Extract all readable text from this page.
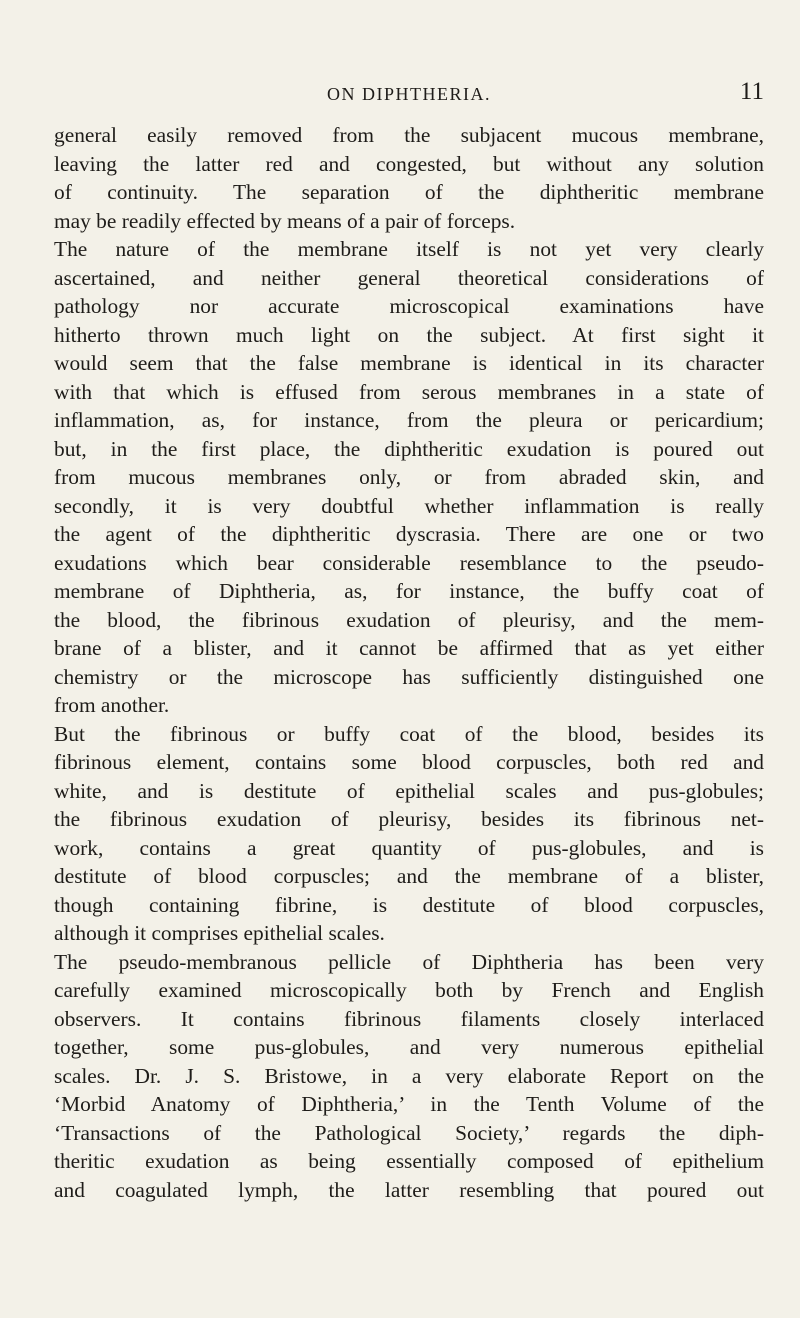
ON DIPHTHERIA.	11
general easily removed from the subjacent mucous membrane,
leaving the latter red and congested, but without any solution
of continuity. The separation of the diphtheritic membrane
may be readily effected by means of a pair of forceps.
The nature of the membrane itself is not yet very clearly
ascertained, and neither general theoretical considerations of
pathology nor accurate microscopical examinations have
hitherto thrown much light on the subject. At first sight it
would seem that the false membrane is identical in its character
with that which is effused from serous membranes in a state of
inflammation, as, for instance, from the pleura or pericardium;
but, in the first place, the diphtheritic exudation is poured out
from mucous membranes only, or from abraded skin, and
secondly, it is very doubtful whether inflammation is really
the agent of the diphtheritic dyscrasia. There are one or two
exudations which bear considerable resemblance to the pseudo-
membrane of Diphtheria, as, for instance, the buffy coat of
the blood, the fibrinous exudation of pleurisy, and the mem-
brane of a blister, and it cannot be affirmed that as yet either
chemistry or the microscope has sufficiently distinguished one
from another.
But the fibrinous or buffy coat of the blood, besides its
fibrinous element, contains some blood corpuscles, both red and
white, and is destitute of epithelial scales and pus-globules;
the fibrinous exudation of pleurisy, besides its fibrinous net-
work, contains a great quantity of pus-globules, and is
destitute of blood corpuscles; and the membrane of a blister,
though containing fibrine, is destitute of blood corpuscles,
although it comprises epithelial scales.
The pseudo-membranous pellicle of Diphtheria has been very
carefully examined microscopically both by French and English
observers. It contains fibrinous filaments closely interlaced
together, some pus-globules, and very numerous epithelial
scales. Dr. J. S. Bristowe, in a very elaborate Report on the
‘Morbid Anatomy of Diphtheria,’ in the Tenth Volume of the
‘Transactions of the Pathological Society,’ regards the diph-
theritic exudation as being essentially composed of epithelium
and coagulated lymph, the latter resembling that poured out
